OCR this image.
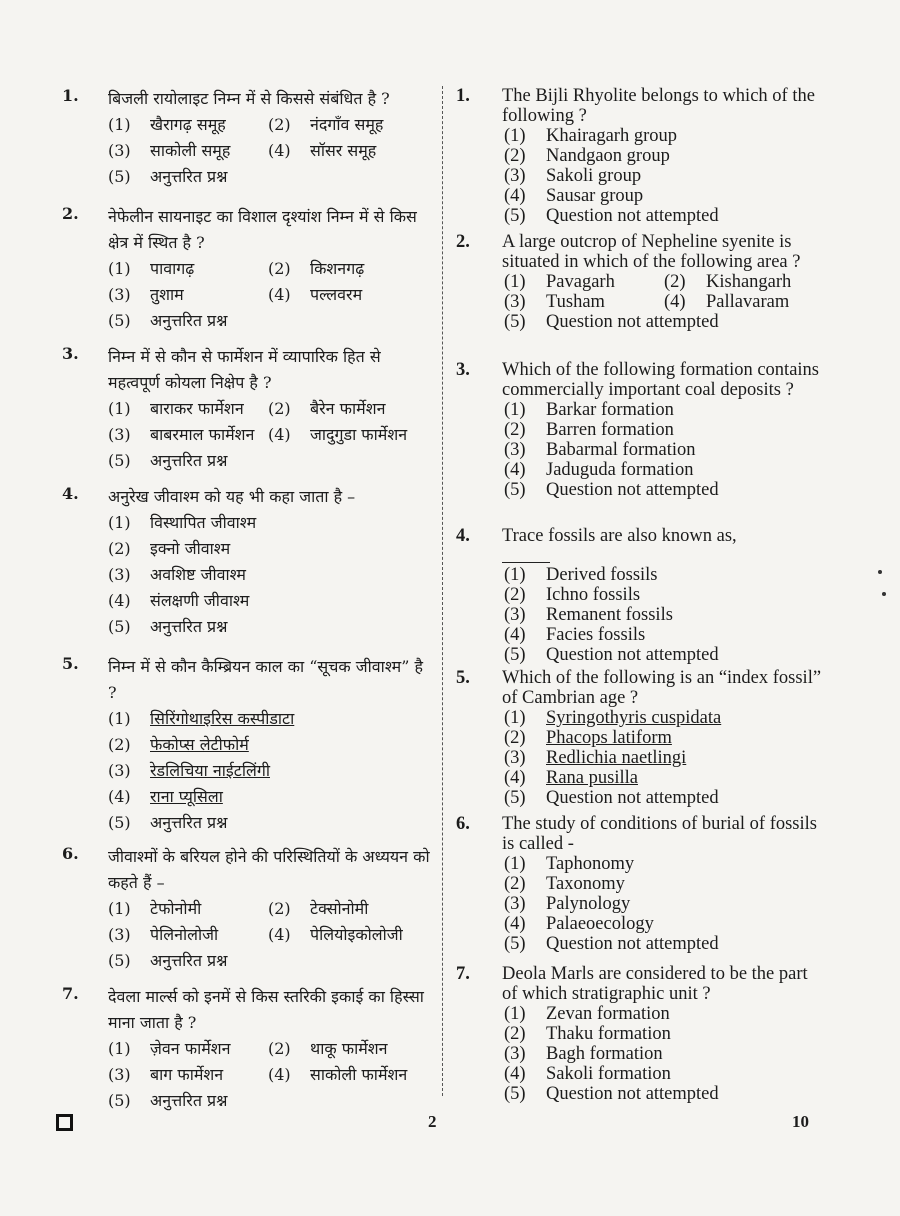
1. बिजली रायोलाइट निम्न में से किससे संबंधित है ?
(1)	खैरागढ़ समूह	(2)	नंदगाँव समूह
(3)	साकोली समूह (4)	सॉसर समूह
(5)	अनुत्तरित प्रश्न
2. नेफेलीन सायनाइट का विशाल दृश्यांश निम्न में से किस क्षेत्र में स्थित है ?
(1)	पावागढ़	(2)	किशनगढ़
(3)	तुशाम	(4)	पल्लवरम
(5)	अनुत्तरित प्रश्न
3. निम्न में से कौन से फार्मेशन में व्यापारिक हित से महत्वपूर्ण कोयला निक्षेप है ?
(1)	बाराकर फार्मेशन (2)	बैरेन फार्मेशन
(3)	बाबरमाल फार्मेशन (4)	जादुगुडा फार्मेशन
(5)	अनुत्तरित प्रश्न
4. अनुरेख जीवाश्म को यह भी कहा जाता है –
(1)	विस्थापित जीवाश्म
(2)	इक्नो जीवाश्म
(3)	अवशिष्ट जीवाश्म
(4)	संलक्षणी जीवाश्म
(5)	अनुत्तरित प्रश्न
5. निम्न में से कौन कैम्ब्रियन काल का “सूचक जीवाश्म” है ?
(1)	सिरिंगोथाइरिस कस्पीडाटा
(2)	फेकोप्स लेटीफोर्म
(3)	रेडलिचिया नाईटलिंगी
(4)	राना प्यूसिला
(5)	अनुत्तरित प्रश्न
6. जीवाश्मों के बरियल होने की परिस्थितियों के अध्ययन को कहते हैं –
(1)	टेफोनोमी	(2)	टेक्सोनोमी
(3)	पेलिनोलोजी	(4)	पेलियोइकोलोजी
(5)	अनुत्तरित प्रश्न
7. देवला मार्ल्स को इनमें से किस स्तरिकी इकाई का हिस्सा माना जाता है ?
(1)	ज़ेवन फार्मेशन (2)	थाकू फार्मेशन
(3)	बाग फार्मेशन	(4)	साकोली फार्मेशन
(5)	अनुत्तरित प्रश्न
1. The Bijli Rhyolite belongs to which of the following ?
(1)	Khairagarh group
(2)	Nandgaon group
(3)	Sakoli group
(4)	Sausar group
(5)	Question not attempted
2. A large outcrop of Nepheline syenite is situated in which of the following area ?
(1)	Pavagarh	(2)	Kishangarh
(3)	Tusham	(4)	Pallavaram
(5)	Question not attempted
3. Which of the following formation contains commercially important coal deposits ?
(1)	Barkar formation
(2)	Barren formation
(3)	Babarmal formation
(4)	Jaduguda formation
(5)	Question not attempted
4. Trace fossils are also known as,
(1)	Derived fossils
(2)	Ichno fossils
(3)	Remanent fossils
(4)	Facies fossils
(5)	Question not attempted
5. Which of the following is an “index fossil” of Cambrian age ?
(1)	Syringothyris cuspidata
(2)	Phacops latiform
(3)	Redlichia naetlingi
(4)	Rana pusilla
(5)	Question not attempted
6. The study of conditions of burial of fossils is called -
(1)	Taphonomy
(2)	Taxonomy
(3)	Palynology
(4)	Palaeoecology
(5)	Question not attempted
7. Deola Marls are considered to be the part of which stratigraphic unit ?
(1)	Zevan formation
(2)	Thaku formation
(3)	Bagh formation
(4)	Sakoli formation
(5)	Question not attempted
2	10
